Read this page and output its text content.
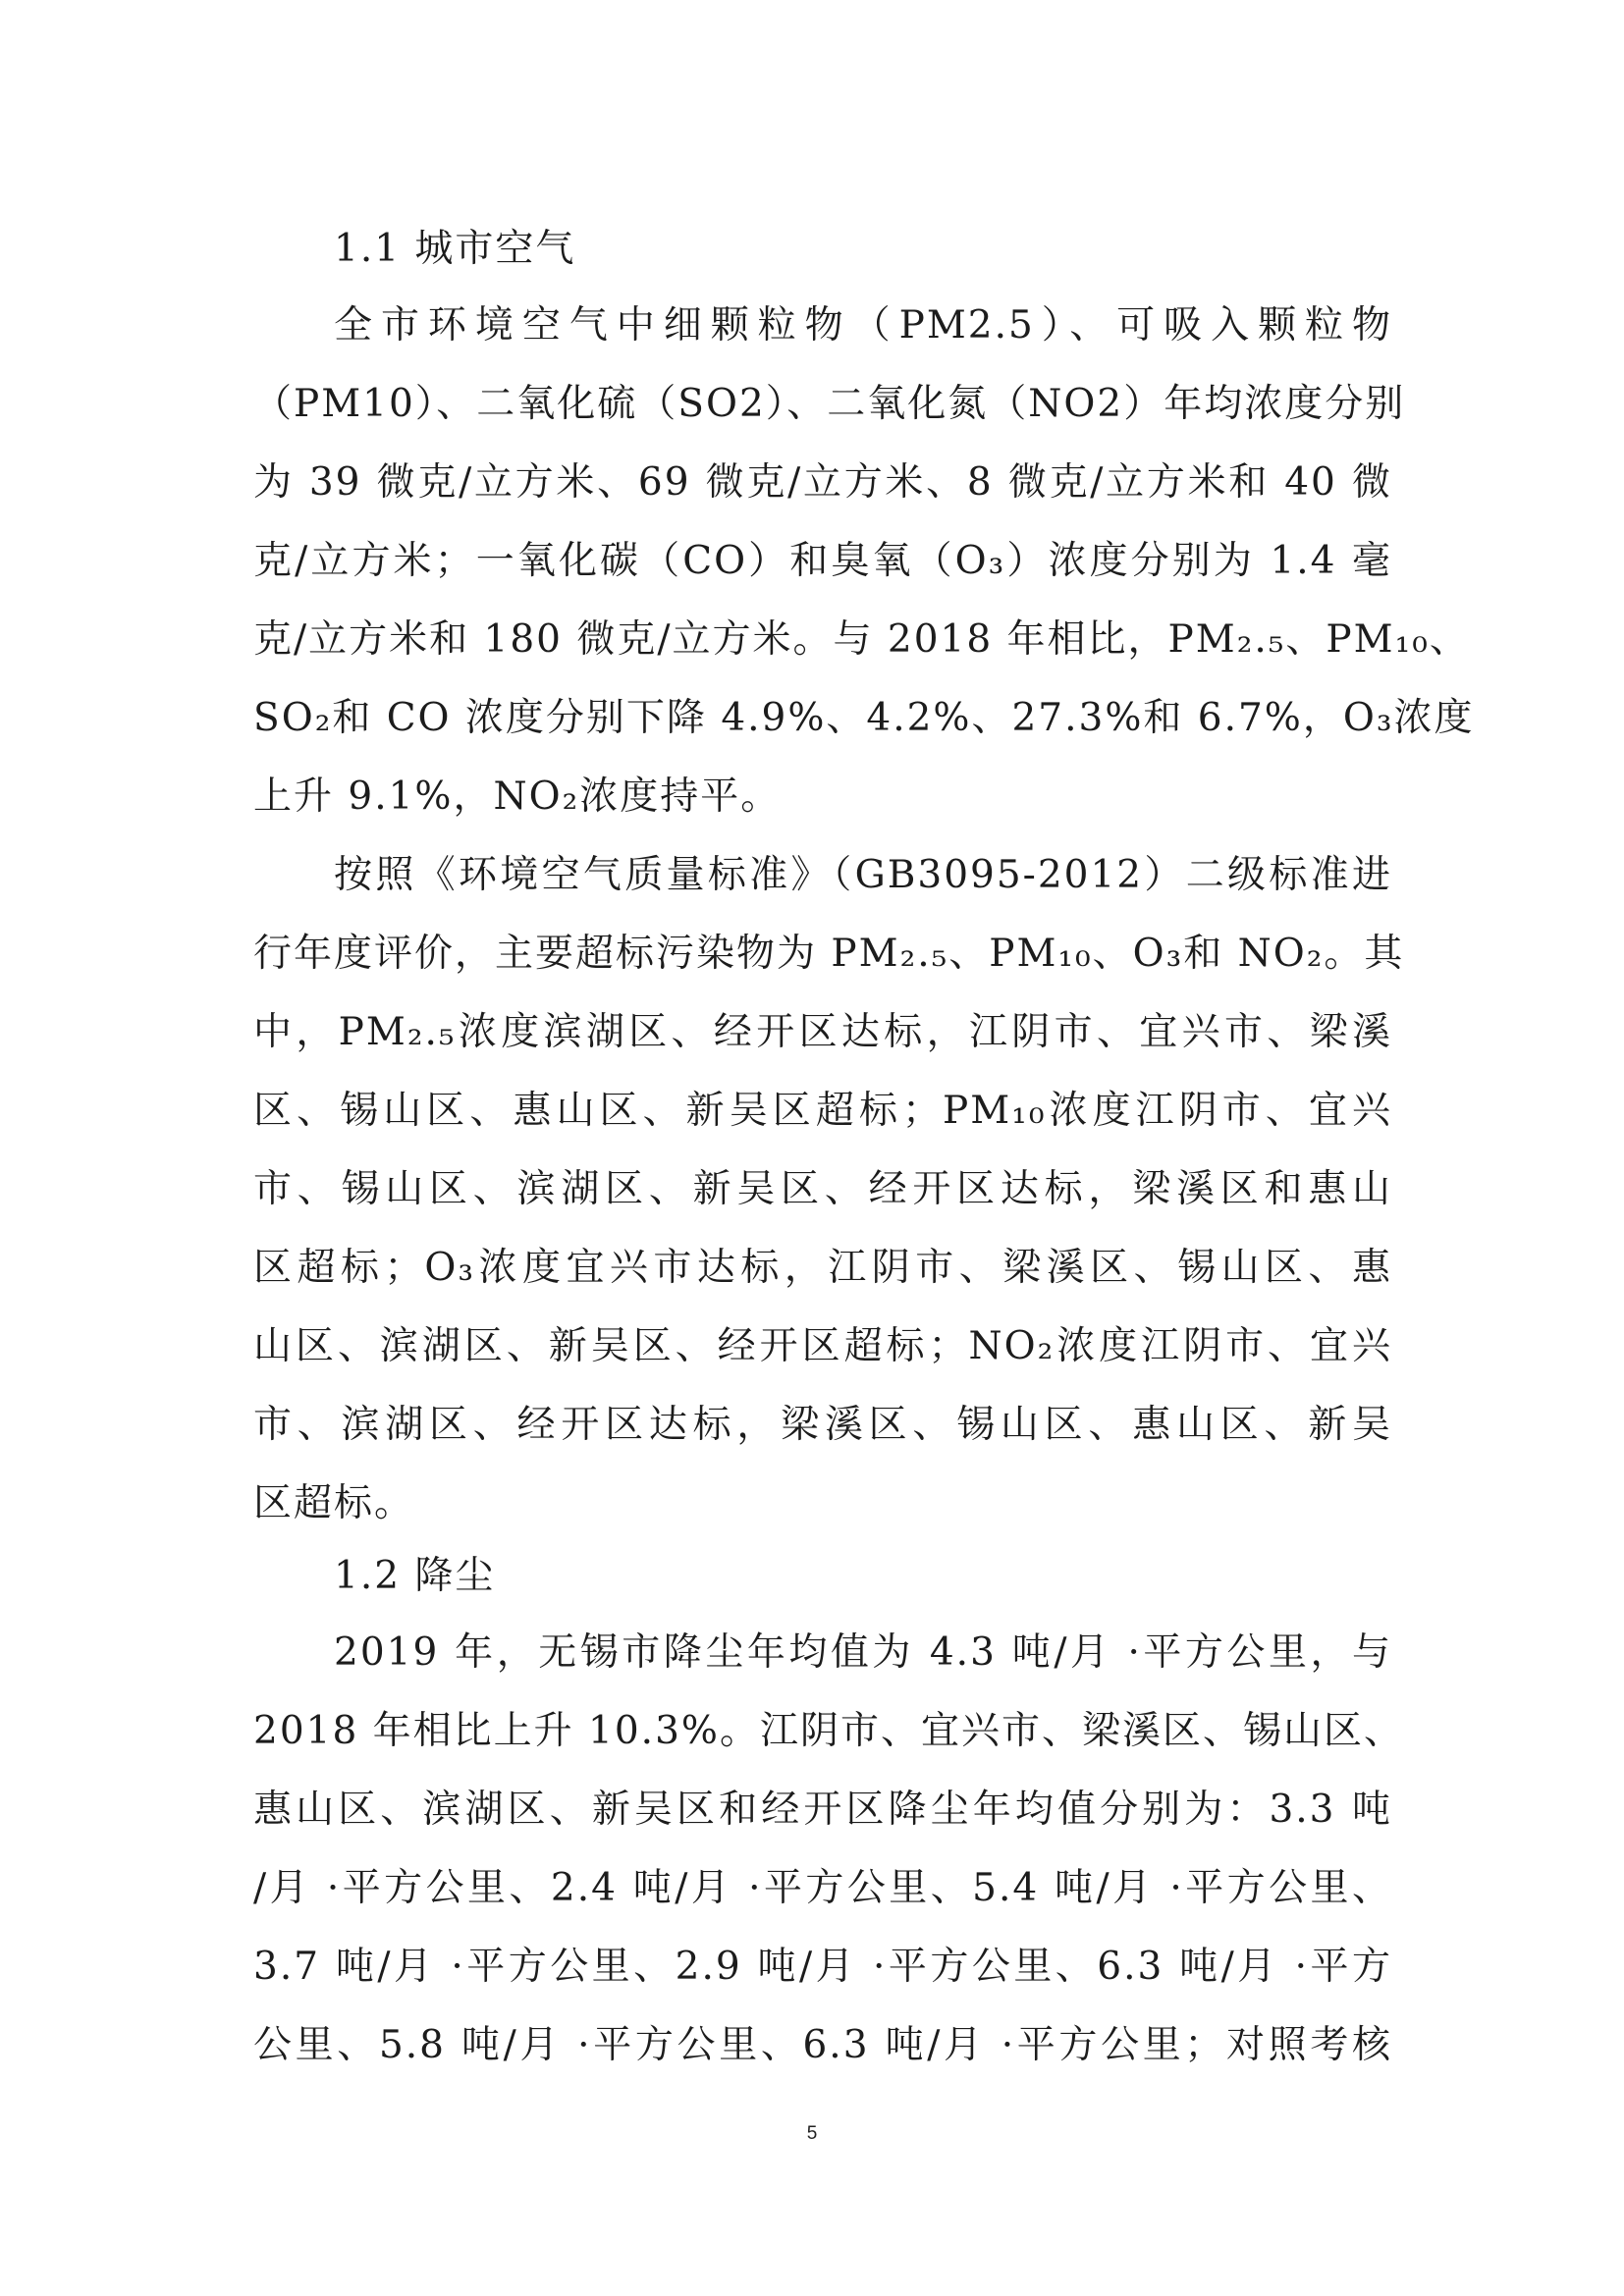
1.1 城市空气
全市环境空气中细颗粒物（PM2.5）、可吸入颗粒物
（PM10）、二氧化硫（SO2）、二氧化氮（NO2）年均浓度分别
为 39 微克/立方米、69 微克/立方米、8 微克/立方米和 40 微
克/立方米；一氧化碳（CO）和臭氧（O₃）浓度分别为 1.4 毫
克/立方米和 180 微克/立方米。与 2018 年相比，PM₂.₅、PM₁₀、
SO₂和 CO 浓度分别下降 4.9%、4.2%、27.3%和 6.7%，O₃浓度
上升 9.1%，NO₂浓度持平。
按照《环境空气质量标准》（GB3095-2012）二级标准进
行年度评价，主要超标污染物为 PM₂.₅、PM₁₀、O₃和 NO₂。其
中，PM₂.₅浓度滨湖区、经开区达标，江阴市、宜兴市、梁溪
区、锡山区、惠山区、新吴区超标；PM₁₀浓度江阴市、宜兴
市、锡山区、滨湖区、新吴区、经开区达标，梁溪区和惠山
区超标；O₃浓度宜兴市达标，江阴市、梁溪区、锡山区、惠
山区、滨湖区、新吴区、经开区超标；NO₂浓度江阴市、宜兴
市、滨湖区、经开区达标，梁溪区、锡山区、惠山区、新吴
区超标。
1.2 降尘
2019 年，无锡市降尘年均值为 4.3 吨/月 ·平方公里，与
2018 年相比上升 10.3%。江阴市、宜兴市、梁溪区、锡山区、
惠山区、滨湖区、新吴区和经开区降尘年均值分别为：3.3 吨
/月 ·平方公里、2.4 吨/月 ·平方公里、5.4 吨/月 ·平方公里、
3.7 吨/月 ·平方公里、2.9 吨/月 ·平方公里、6.3 吨/月 ·平方
公里、5.8 吨/月 ·平方公里、6.3 吨/月 ·平方公里；对照考核
5
